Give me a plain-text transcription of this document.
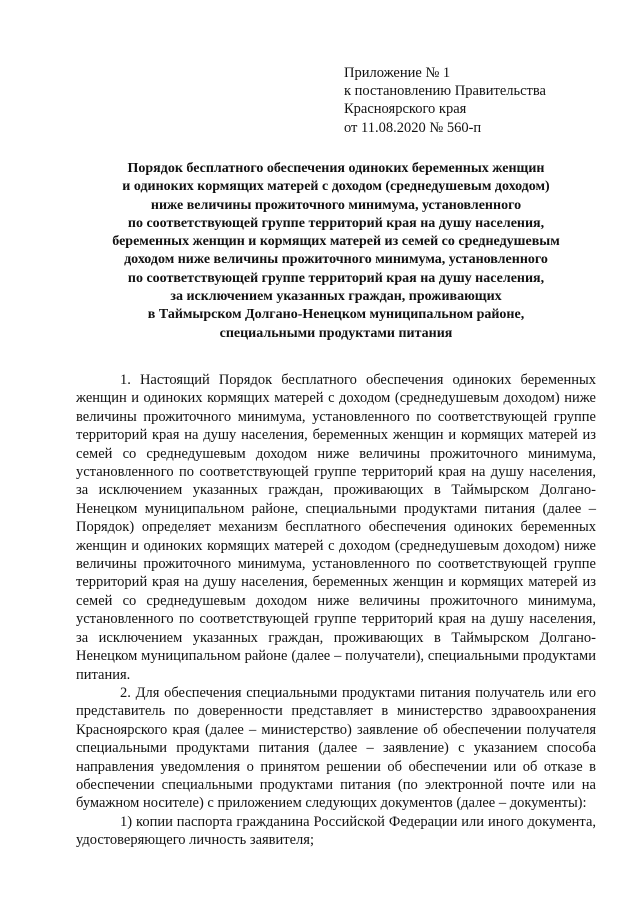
Приложение № 1
к постановлению Правительства
Красноярского края
от 11.08.2020 № 560-п
Порядок бесплатного обеспечения одиноких беременных женщин
и одиноких кормящих матерей с доходом (среднедушевым доходом)
ниже величины прожиточного минимума, установленного
по соответствующей группе территорий края на душу населения,
беременных женщин и кормящих матерей из семей со среднедушевым
доходом ниже величины прожиточного минимума, установленного
по соответствующей группе территорий края на душу населения,
за исключением указанных граждан, проживающих
в Таймырском Долгано-Ненецком муниципальном районе,
специальными продуктами питания

1. Настоящий Порядок бесплатного обеспечения одиноких беременных женщин и одиноких кормящих матерей с доходом (среднедушевым доходом) ниже величины прожиточного минимума, установленного по соответствующей группе территорий края на душу населения, беременных женщин и кормящих матерей из семей со среднедушевым доходом ниже величины прожиточного минимума, установленного по соответствующей группе территорий края на душу населения, за исключением указанных граждан, проживающих в Таймырском Долгано-Ненецком муниципальном районе, специальными продуктами питания (далее – Порядок) определяет механизм бесплатного обеспечения одиноких беременных женщин и одиноких кормящих матерей с доходом (среднедушевым доходом) ниже величины прожиточного минимума, установленного по соответствующей группе территорий края на душу населения, беременных женщин и кормящих матерей из семей со среднедушевым доходом ниже величины прожиточного минимума, установленного по соответствующей группе территорий края на душу населения, за исключением указанных граждан, проживающих в Таймырском Долгано-Ненецком муниципальном районе (далее – получатели), специальными продуктами питания.

2. Для обеспечения специальными продуктами питания получатель или его представитель по доверенности представляет в министерство здравоохранения Красноярского края (далее – министерство) заявление об обеспечении получателя специальными продуктами питания (далее – заявление) с указанием способа направления уведомления о принятом решении об обеспечении или об отказе в обеспечении специальными продуктами питания (по электронной почте или на бумажном носителе) с приложением следующих документов (далее – документы):

1) копии паспорта гражданина Российской Федерации или иного документа, удостоверяющего личность заявителя;
